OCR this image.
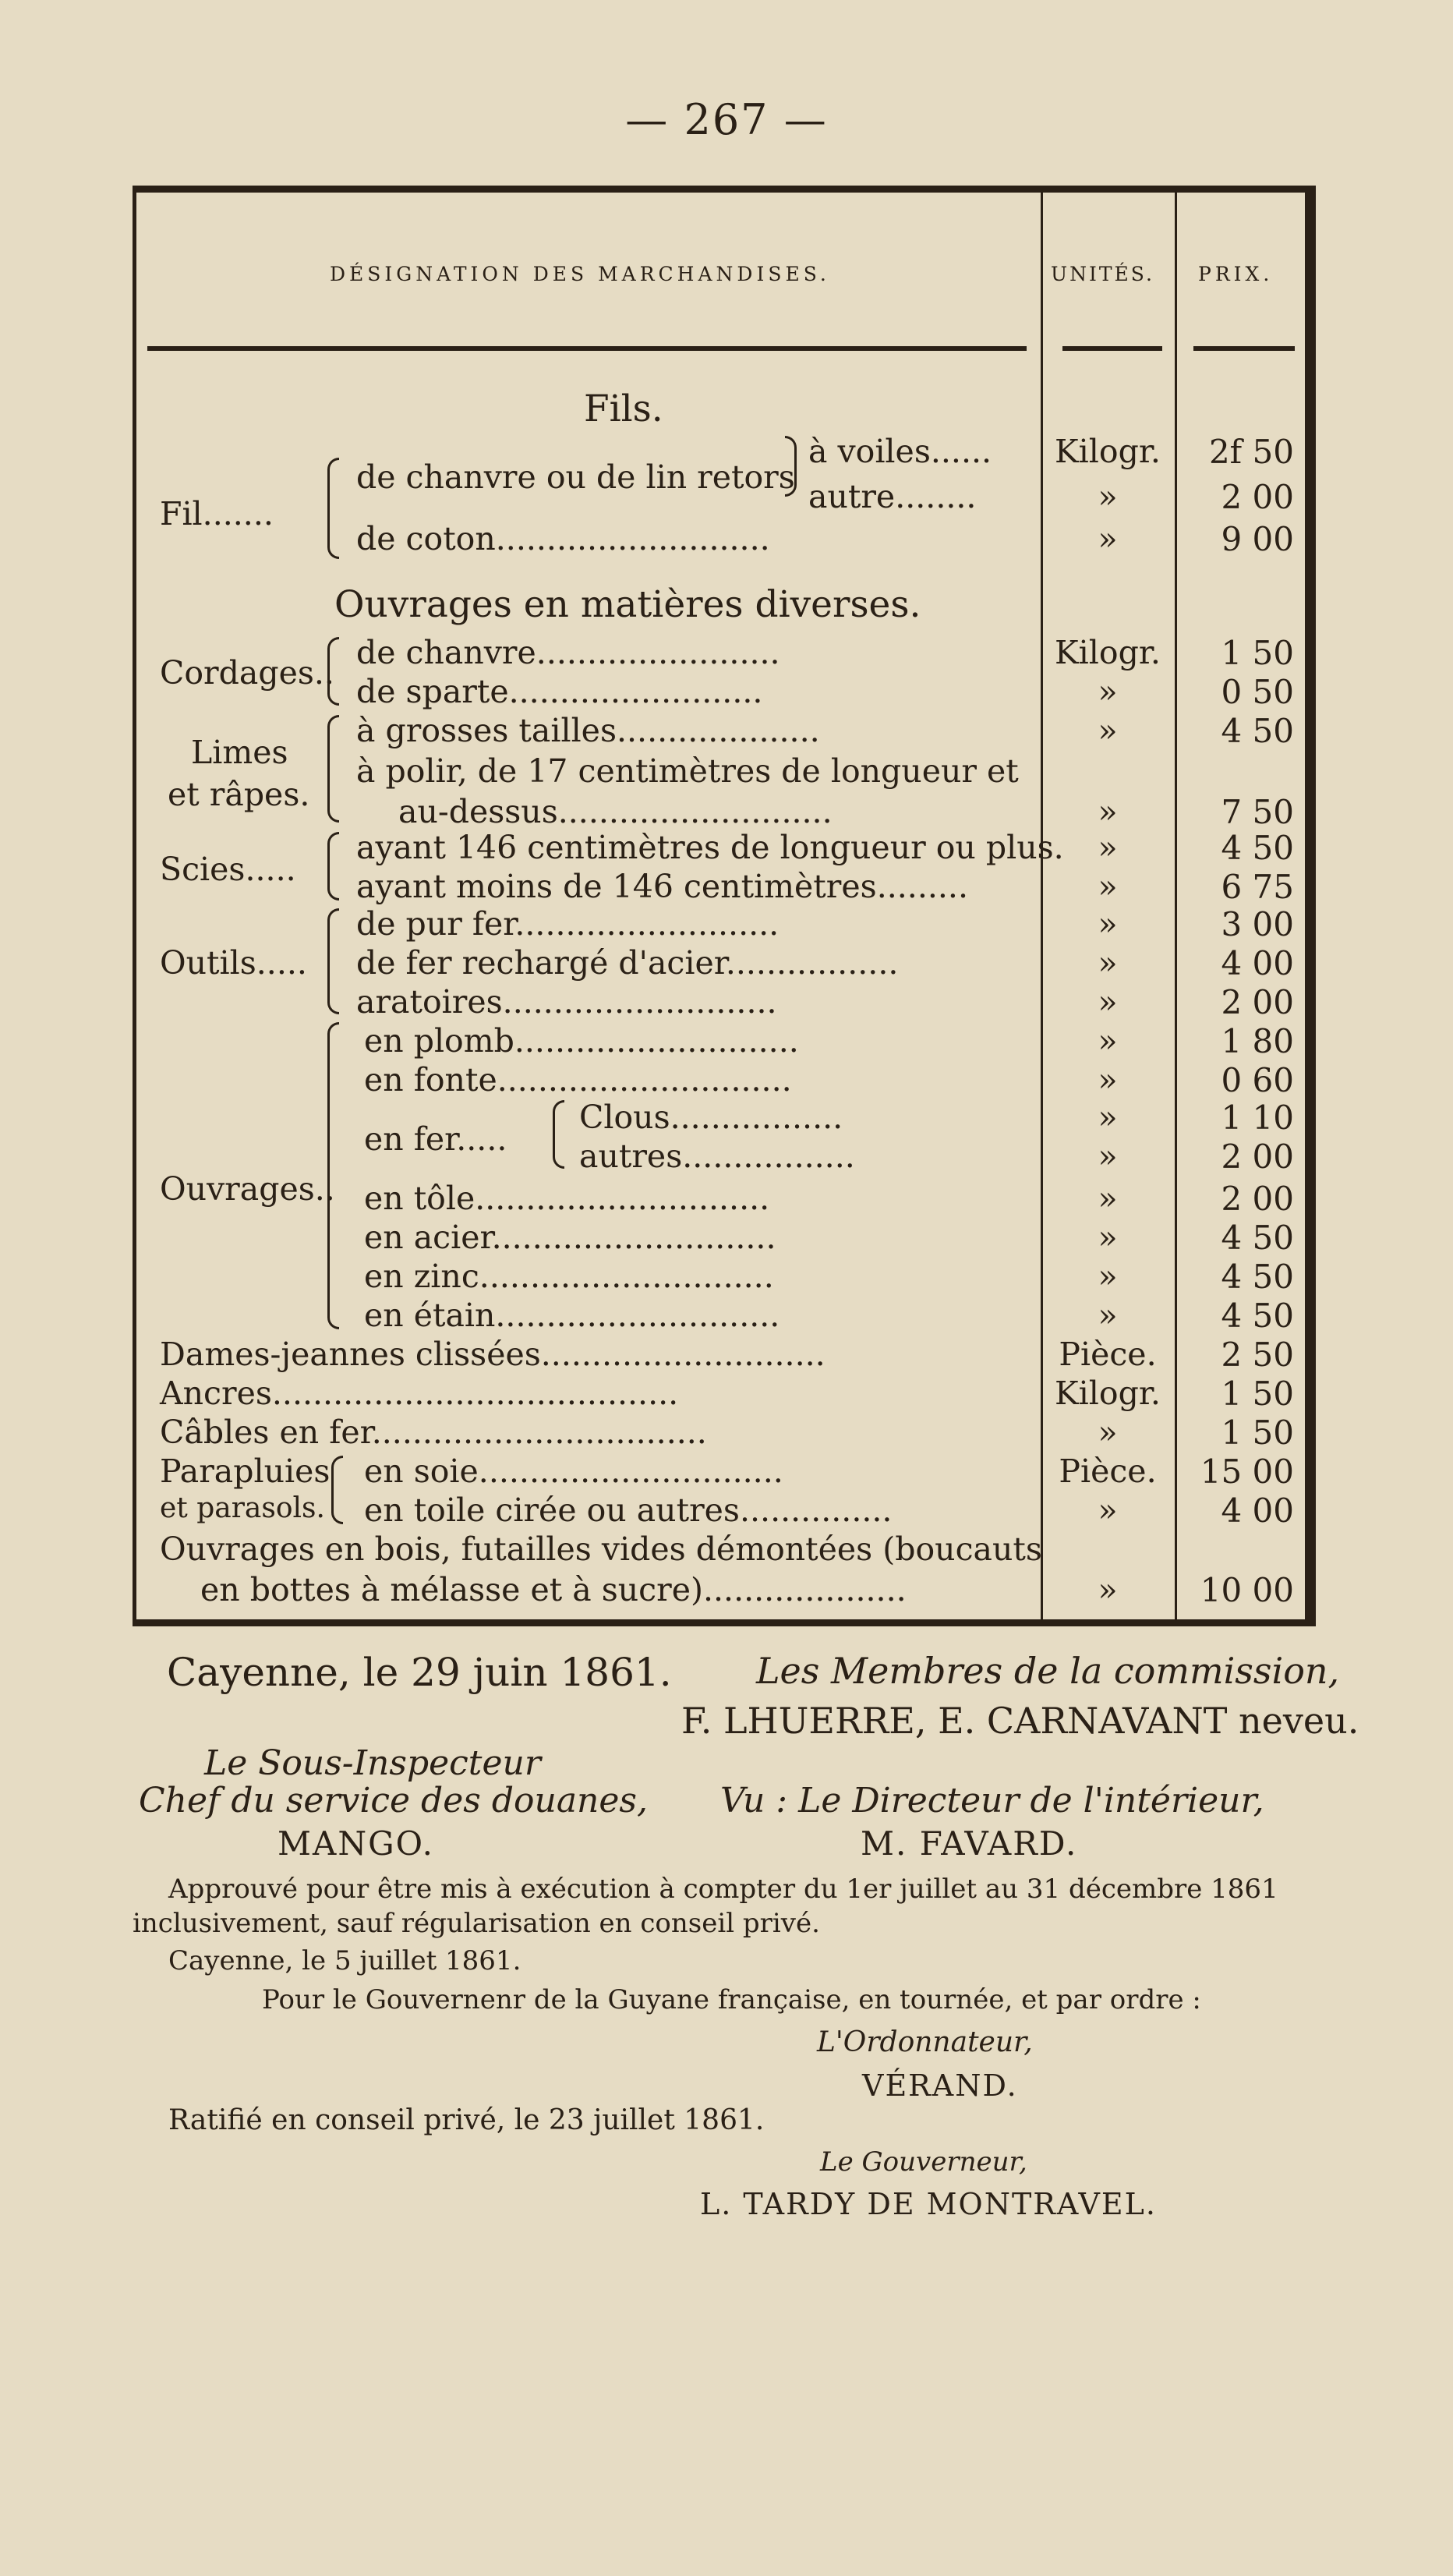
— 267 —
DÉSIGNATION DES MARCHANDISES.	UNITÉS. PRIX.
Fils.
Fil.......
de chanvre ou de lin retors
à voiles......
autre........
de coton...........................
Ouvrages en matières diverses.
Cordages..
de chanvre........................
de sparte.........................
Limes
et râpes.
à grosses tailles....................
à polir, de 17 centimètres de longueur et
au-dessus...........................
Scies.....
ayant 146 centimètres de longueur ou plus.
ayant moins de 146 centimètres.........
Outils.....
de pur fer..........................
de fer rechargé d'acier.................
aratoires...........................
Ouvrages..
en plomb............................
en fonte.............................
en fer.....
Clous.................
autres.................
en tôle.............................
en acier............................
en zinc.............................
en étain............................
Dames-jeannes clissées............................
Ancres........................................
Câbles en fer.................................
Parapluies
et parasols.
en soie..............................
en toile cirée ou autres...............
Ouvrages en bois, futailles vides démontées (boucauts
en bottes à mélasse et à sucre)....................
Kilogr.
»
»
Kilogr.
»
»
»
»
»
»
»
»
»
»
»
»
»
»
»
»
Pièce.
Kilogr.
»
Pièce.
»
»
2f 50
2 00
9 00
1 50
0 50
4 50
7 50
4 50
6 75
3 00
4 00
2 00
1 80
0 60
1 10
2 00
2 00
4 50
4 50
4 50
2 50
1 50
1 50
15 00
4 00
10 00
Cayenne, le 29 juin 1861. Les Membres de la commission,
F. LHUERRE, E. CARNAVANT neveu.
Le Sous-Inspecteur
Chef du service des douanes, Vu : Le Directeur de l'intérieur,
MANGO.	M. FAVARD.
Approuvé pour être mis à exécution à compter du 1er juillet au 31 décembre 1861
inclusivement, sauf régularisation en conseil privé.
Cayenne, le 5 juillet 1861.
Pour le Gouvernenr de la Guyane française, en tournée, et par ordre :
L'Ordonnateur,
VÉRAND.
Ratifié en conseil privé, le 23 juillet 1861.
Le Gouverneur,
L. TARDY DE MONTRAVEL.
